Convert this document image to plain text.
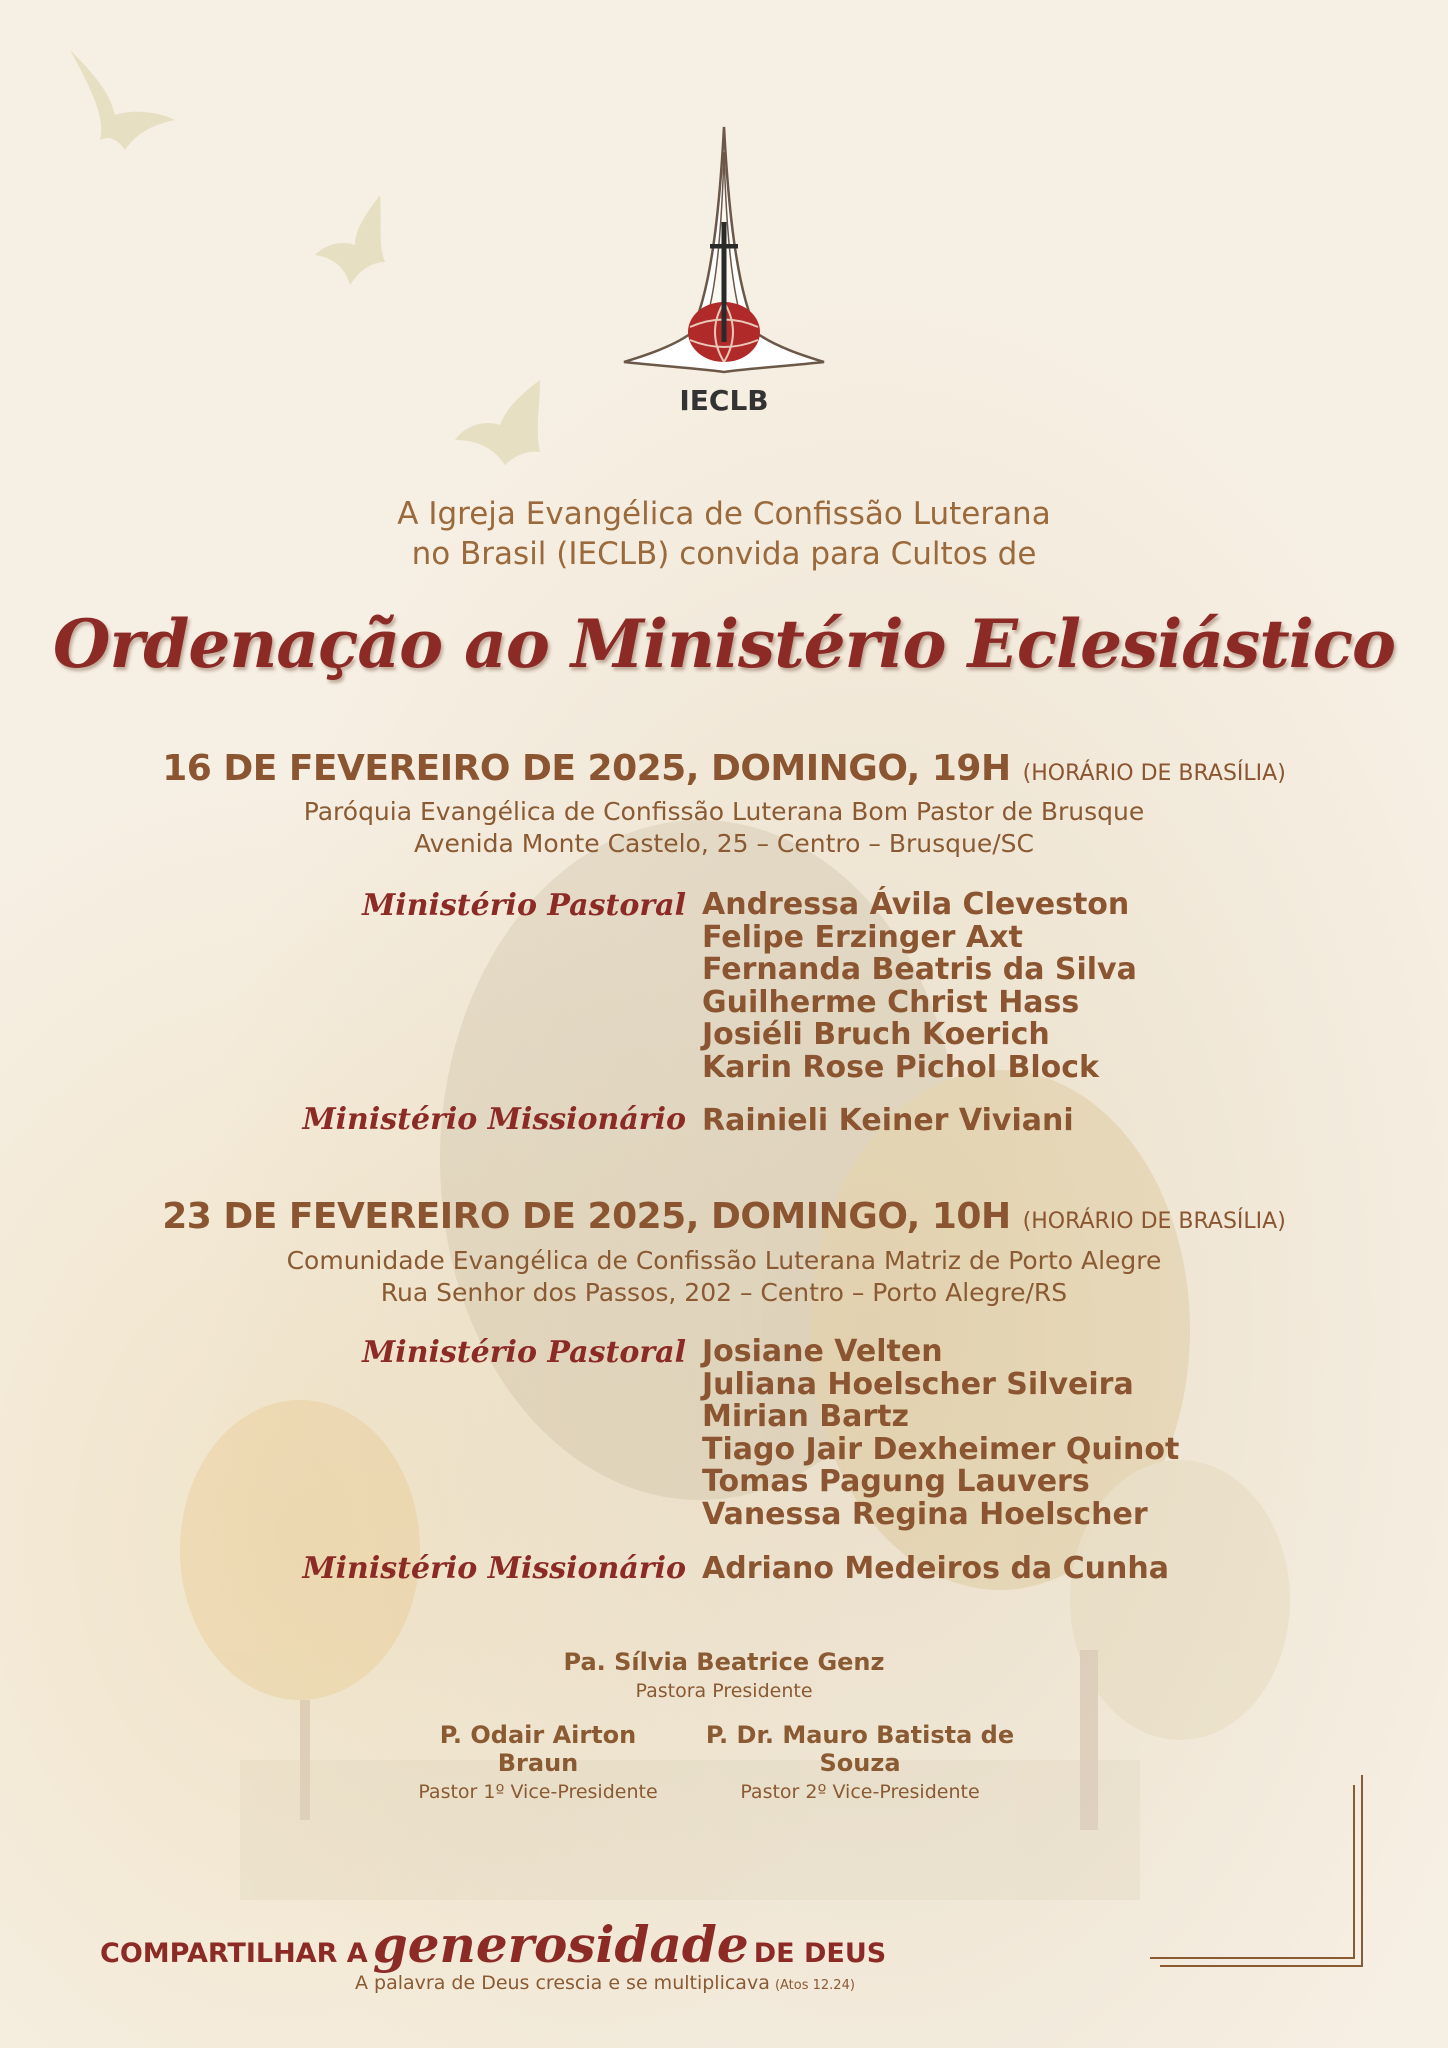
IECLB
A Igreja Evangélica de Confissão Luterana
no Brasil (IECLB) convida para Cultos de
Ordenação ao Ministério Eclesiástico
16 DE FEVEREIRO DE 2025, DOMINGO, 19H (HORÁRIO DE BRASÍLIA)
Paróquia Evangélica de Confissão Luterana Bom Pastor de Brusque
Avenida Monte Castelo, 25 – Centro – Brusque/SC
Ministério Pastoral Andressa Ávila Cleveston
Felipe Erzinger Axt
Fernanda Beatris da Silva
Guilherme Christ Hass
Josiéli Bruch Koerich
Karin Rose Pichol Block
Ministério Missionário Rainieli Keiner Viviani
23 DE FEVEREIRO DE 2025, DOMINGO, 10H (HORÁRIO DE BRASÍLIA)
Comunidade Evangélica de Confissão Luterana Matriz de Porto Alegre
Rua Senhor dos Passos, 202 – Centro – Porto Alegre/RS
Ministério Pastoral Josiane Velten
Juliana Hoelscher Silveira
Mirian Bartz
Tiago Jair Dexheimer Quinot
Tomas Pagung Lauvers
Vanessa Regina Hoelscher
Ministério Missionário Adriano Medeiros da Cunha
Pa. Sílvia Beatrice Genz
Pastora Presidente
P. Odair Airton Braun
Pastor 1º Vice-Presidente
P. Dr. Mauro Batista de Souza
Pastor 2º Vice-Presidente
COMPARTILHAR A generosidade DE DEUS
A palavra de Deus crescia e se multiplicava (Atos 12.24)
